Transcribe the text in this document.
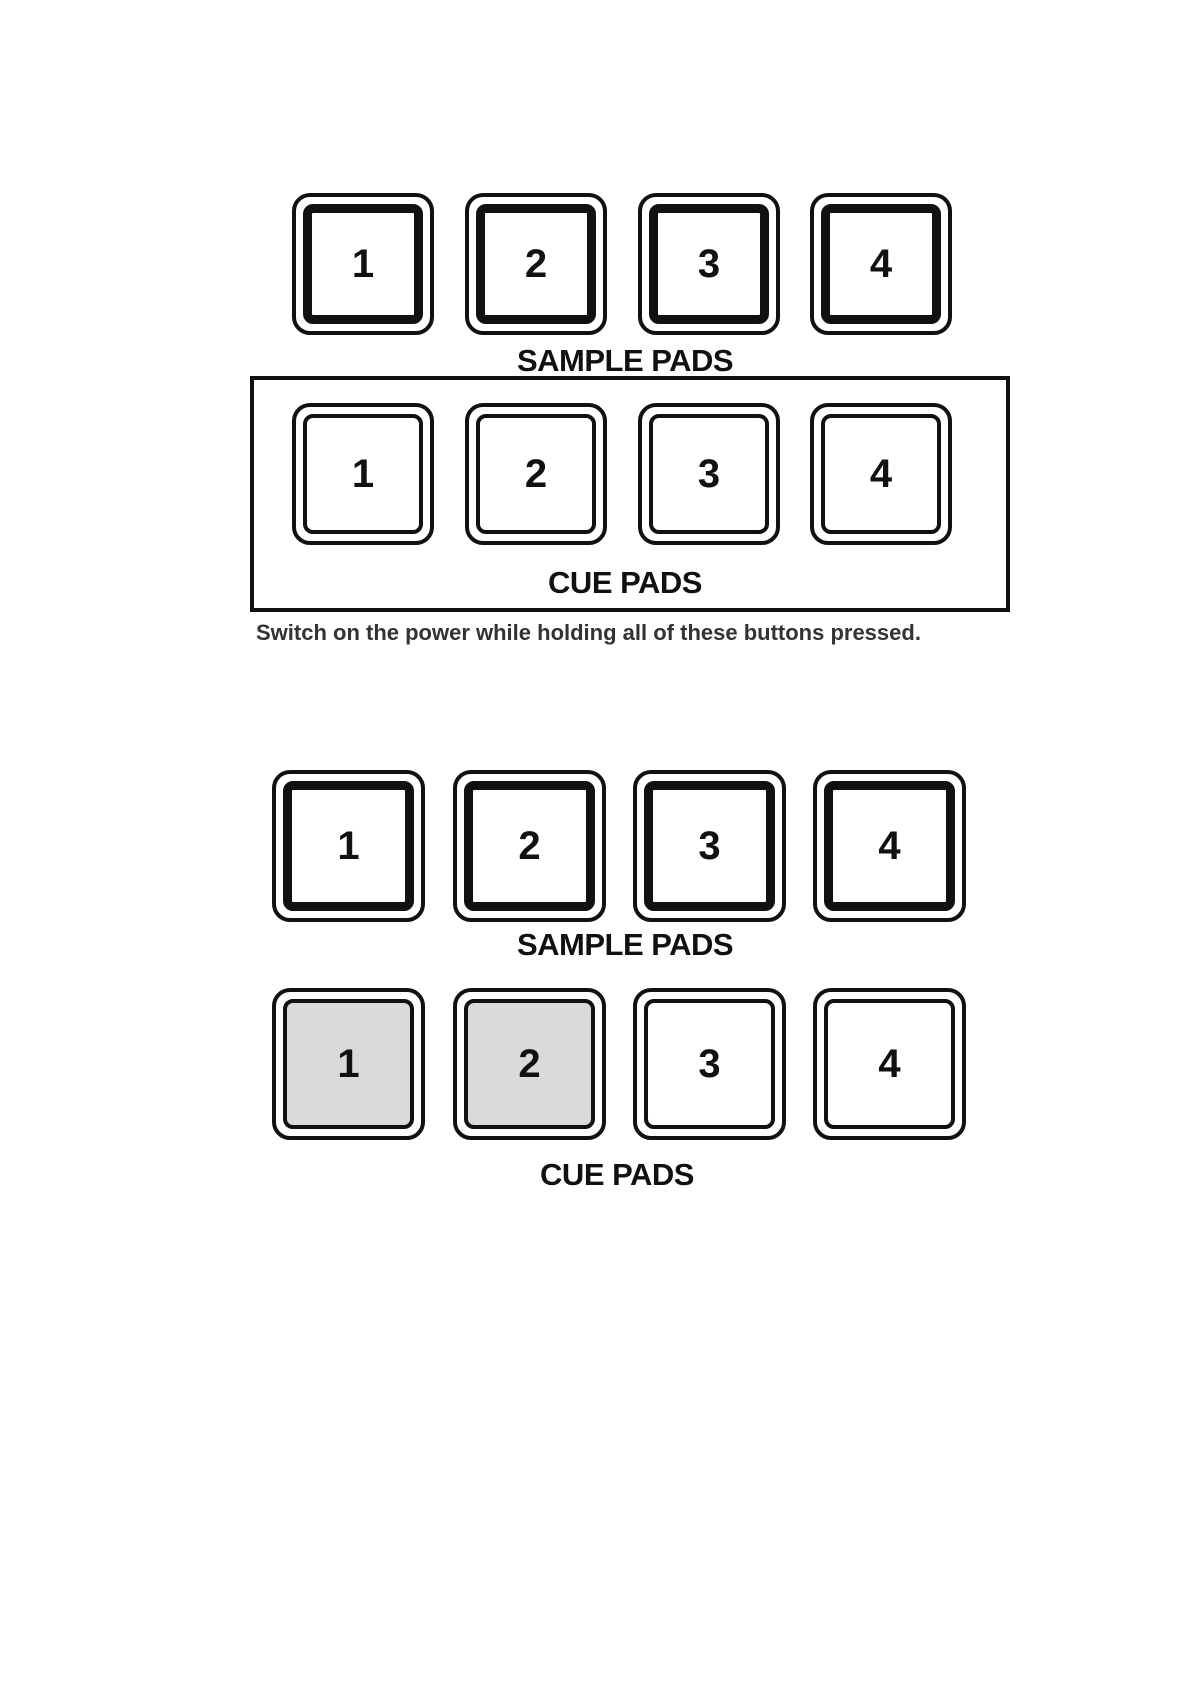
1	2	3	4
SAMPLE PADS
1	2	3	4
CUE PADS
Switch on the power while holding all of these buttons pressed.
1	2	3	4
SAMPLE PADS
1	2	3	4
CUE PADS
